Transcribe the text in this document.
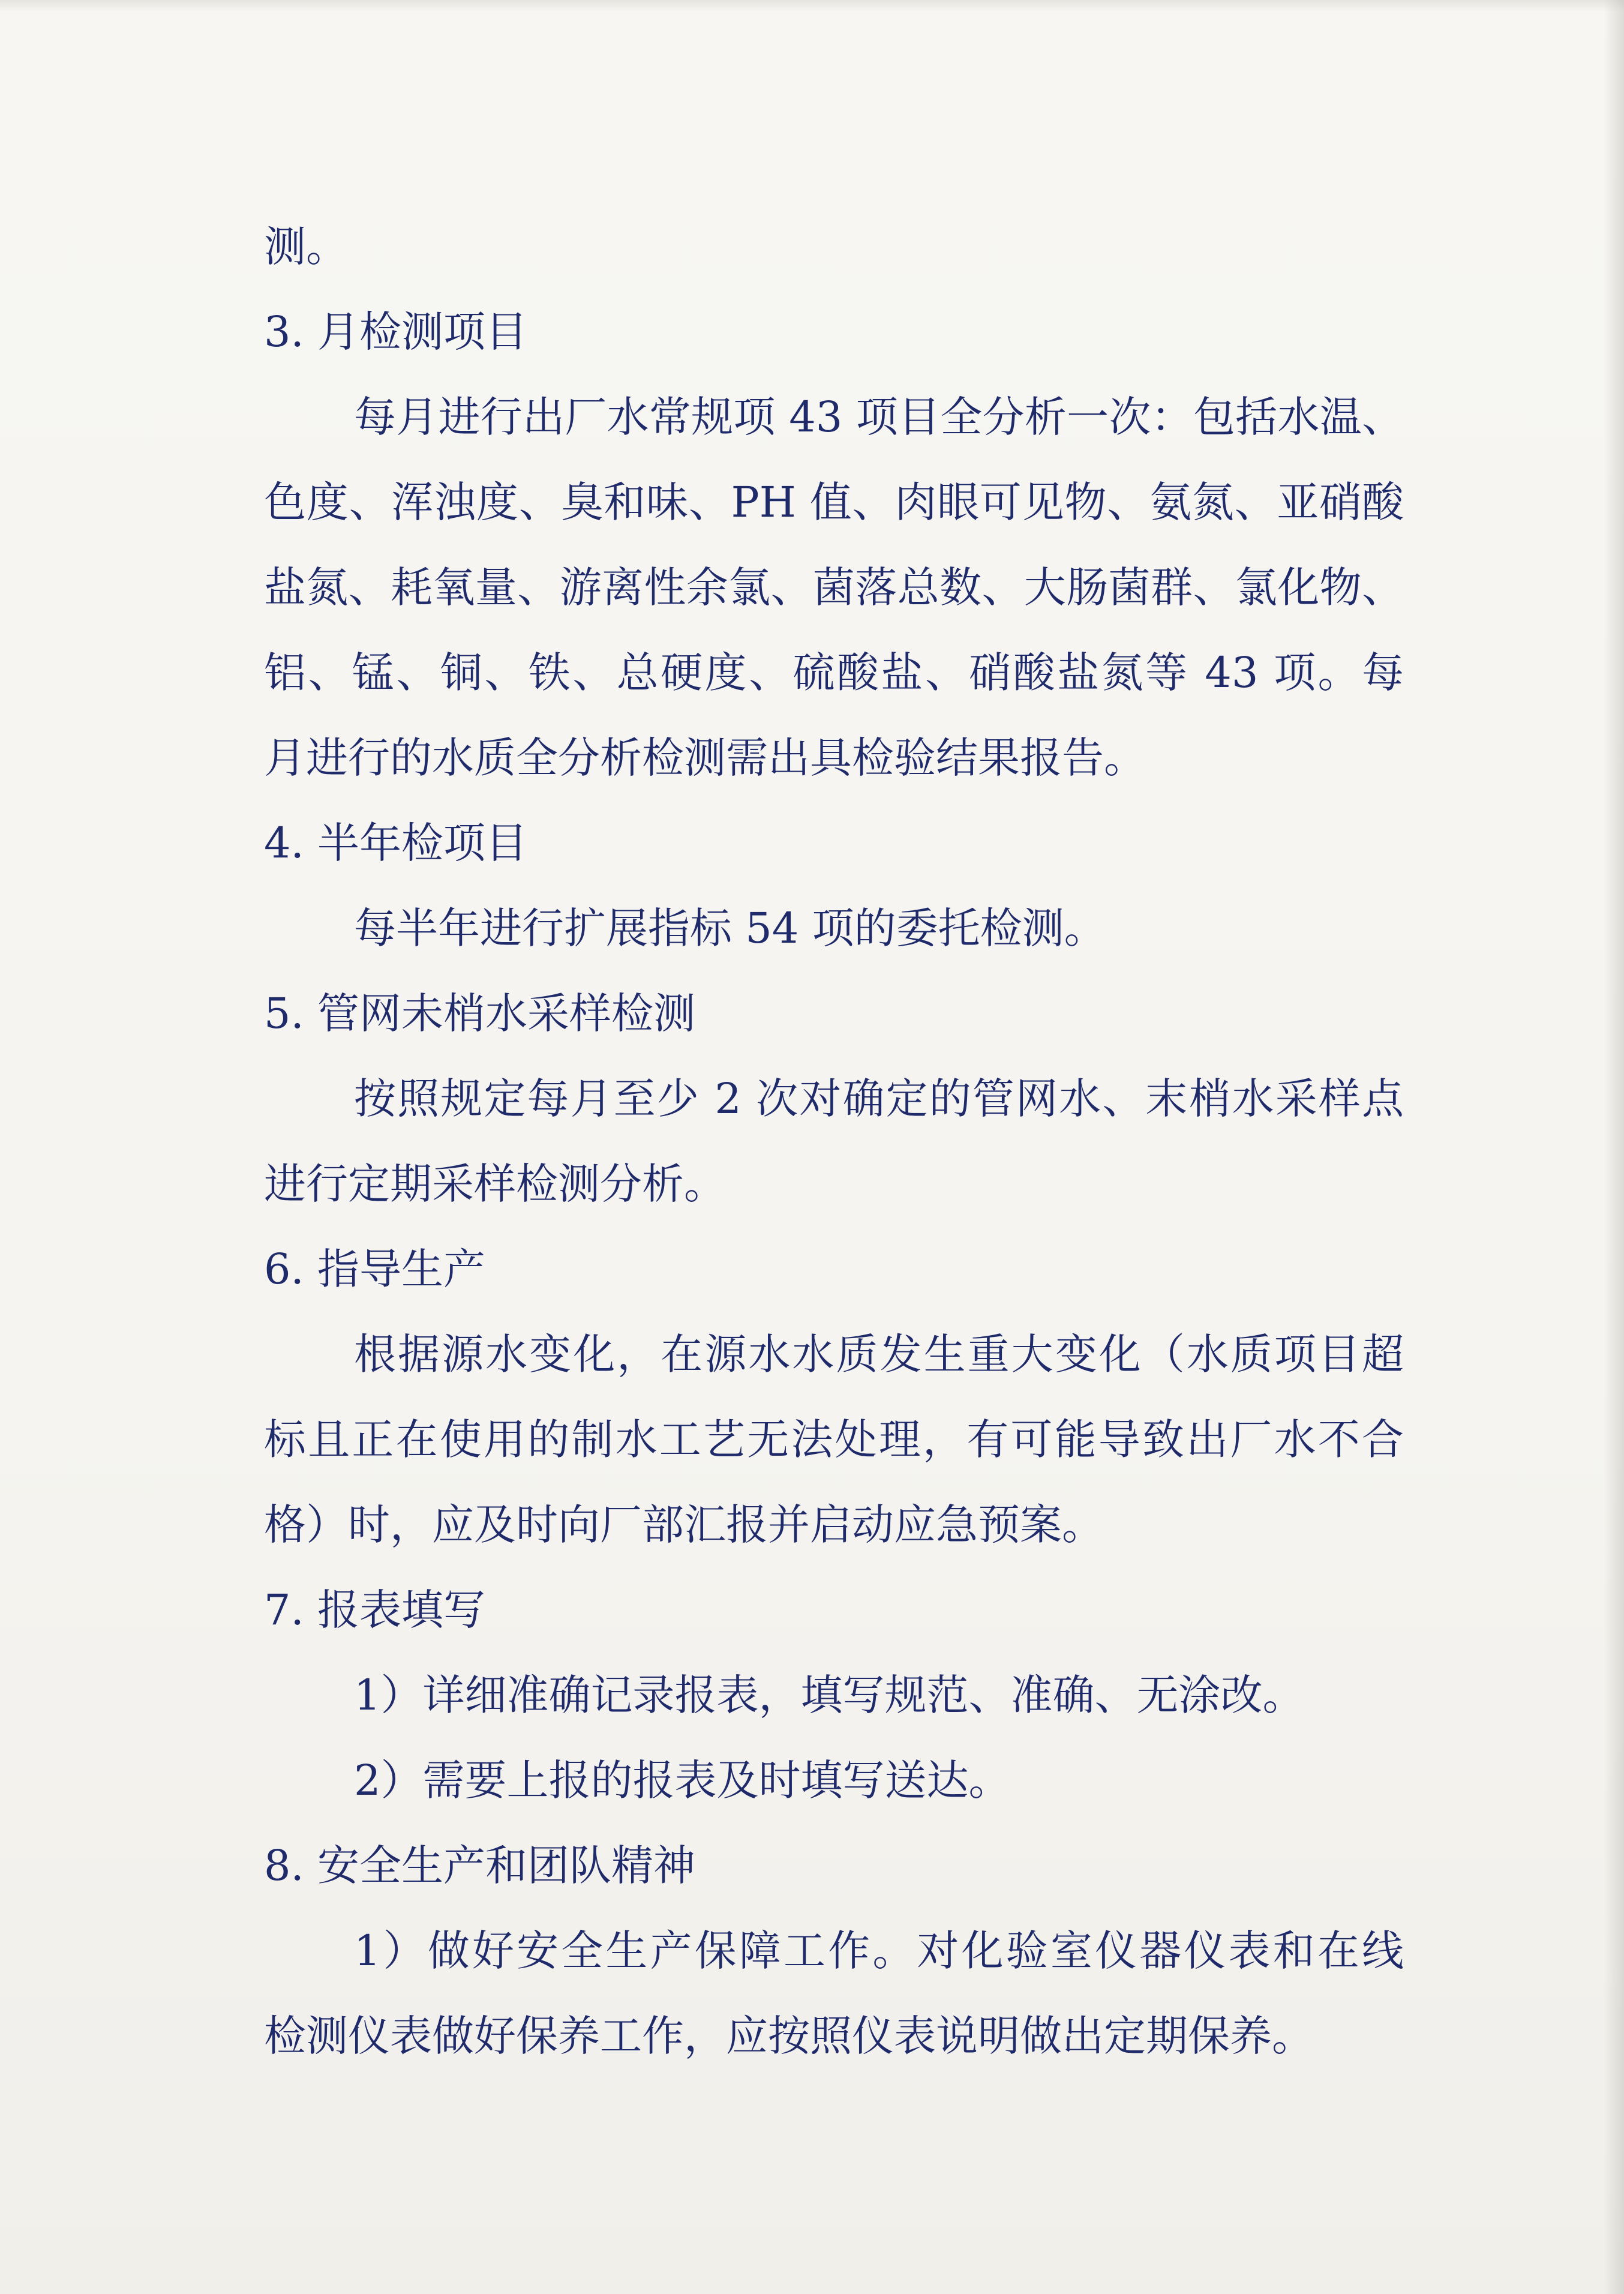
测。
3. 月检测项目
每月进行出厂水常规项 43 项目全分析一次：包括水温、
色度、浑浊度、臭和味、PH 值、肉眼可见物、氨氮、亚硝酸
盐氮、耗氧量、游离性余氯、菌落总数、大肠菌群、氯化物、
铝、锰、铜、铁、总硬度、硫酸盐、硝酸盐氮等 43 项。每
月进行的水质全分析检测需出具检验结果报告。
4. 半年检项目
每半年进行扩展指标 54 项的委托检测。
5. 管网未梢水采样检测
按照规定每月至少 2 次对确定的管网水、末梢水采样点
进行定期采样检测分析。
6. 指导生产
根据源水变化，在源水水质发生重大变化（水质项目超
标且正在使用的制水工艺无法处理，有可能导致出厂水不合
格）时，应及时向厂部汇报并启动应急预案。
7. 报表填写
1）详细准确记录报表，填写规范、准确、无涂改。
2）需要上报的报表及时填写送达。
8. 安全生产和团队精神
1）做好安全生产保障工作。对化验室仪器仪表和在线
检测仪表做好保养工作，应按照仪表说明做出定期保养。
